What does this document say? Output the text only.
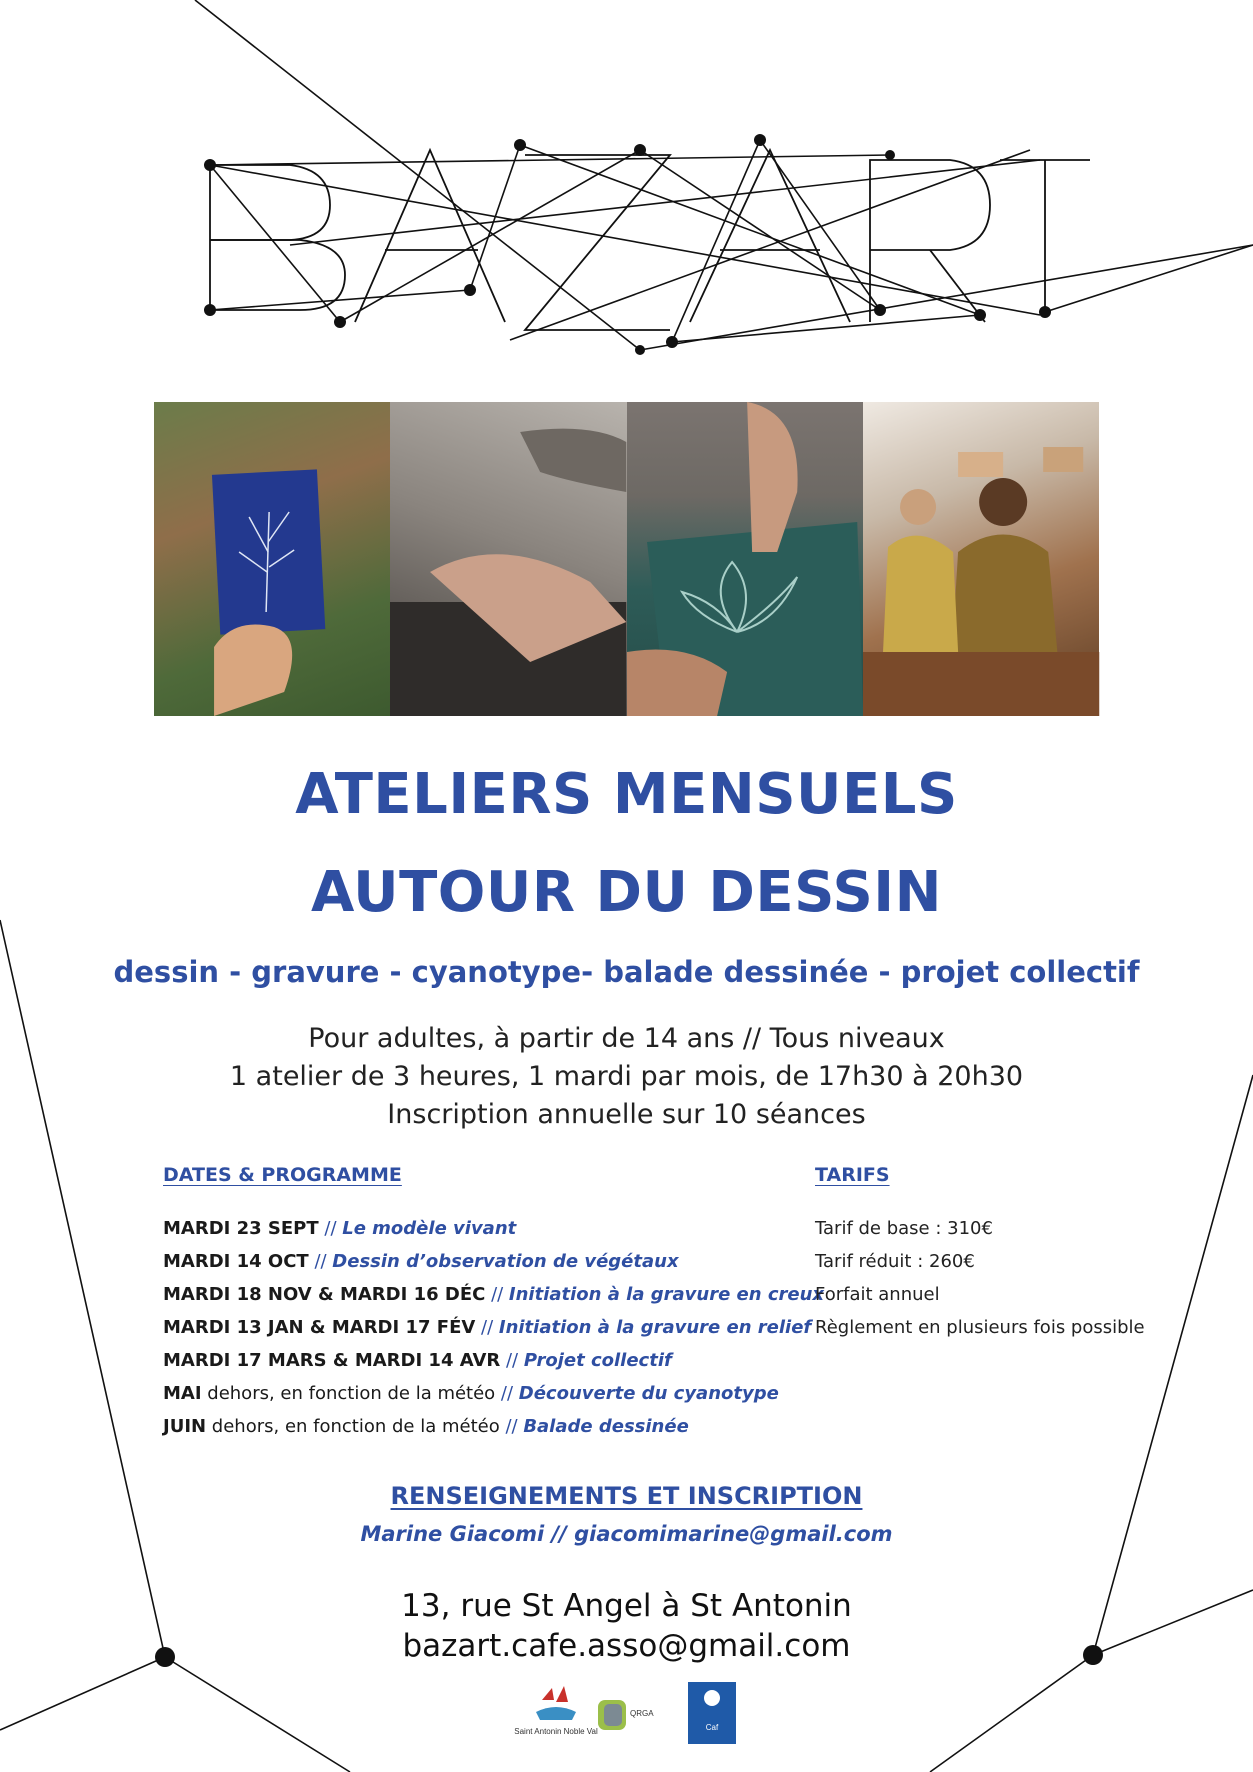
ATELIERS MENSUELS
AUTOUR DU DESSIN
dessin - gravure - cyanotype- balade dessinée - projet collectif
Pour adultes, à partir de 14 ans // Tous niveaux
1 atelier de 3 heures, 1 mardi par mois, de 17h30 à 20h30
Inscription annuelle sur 10 séances
DATES & PROGRAMME	TARIFS
MARDI 23 SEPT // Le modèle vivant
MARDI 14 OCT // Dessin d’observation de végétaux
MARDI 18 NOV & MARDI 16 DÉC // Initiation à la gravure en creux
MARDI 13 JAN & MARDI 17 FÉV // Initiation à la gravure en relief
MARDI 17 MARS & MARDI 14 AVR // Projet collectif
MAI dehors, en fonction de la météo // Découverte du cyanotype
JUIN dehors, en fonction de la météo // Balade dessinée
Tarif de base : 310€
Tarif réduit : 260€
Forfait annuel
Règlement en plusieurs fois possible
RENSEIGNEMENTS ET INSCRIPTION
Marine Giacomi // giacomimarine@gmail.com
13, rue St Angel à St Antonin
bazart.cafe.asso@gmail.com
Saint Antonin Noble Val
QRGA
Caf
